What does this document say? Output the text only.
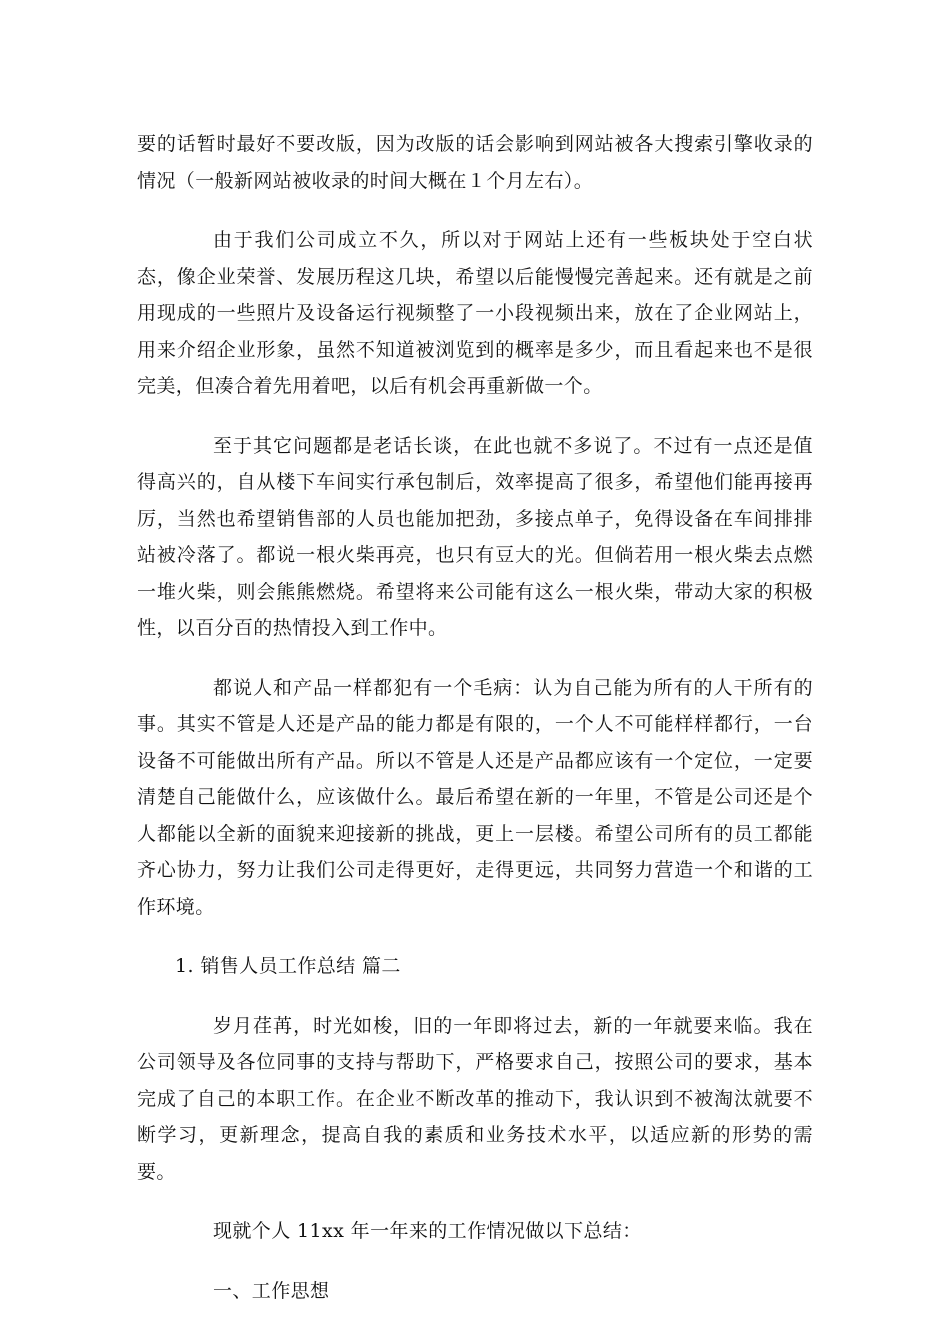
要的话暂时最好不要改版，因为改版的话会影响到网站被各大搜索引擎收录的情况（一般新网站被收录的时间大概在１个月左右）。

由于我们公司成立不久，所以对于网站上还有一些板块处于空白状态，像企业荣誉、发展历程这几块，希望以后能慢慢完善起来。还有就是之前用现成的一些照片及设备运行视频整了一小段视频出来，放在了企业网站上，用来介绍企业形象，虽然不知道被浏览到的概率是多少，而且看起来也不是很完美，但凑合着先用着吧，以后有机会再重新做一个。

至于其它问题都是老话长谈，在此也就不多说了。不过有一点还是值得高兴的，自从楼下车间实行承包制后，效率提高了很多，希望他们能再接再厉，当然也希望销售部的人员也能加把劲，多接点单子，免得设备在车间排排站被冷落了。都说一根火柴再亮，也只有豆大的光。但倘若用一根火柴去点燃一堆火柴，则会熊熊燃烧。希望将来公司能有这么一根火柴，带动大家的积极性，以百分百的热情投入到工作中。

都说人和产品一样都犯有一个毛病：认为自己能为所有的人干所有的事。其实不管是人还是产品的能力都是有限的，一个人不可能样样都行，一台设备不可能做出所有产品。所以不管是人还是产品都应该有一个定位，一定要清楚自己能做什么，应该做什么。最后希望在新的一年里，不管是公司还是个人都能以全新的面貌来迎接新的挑战，更上一层楼。希望公司所有的员工都能齐心协力，努力让我们公司走得更好，走得更远，共同努力营造一个和谐的工作环境。

1. 销售人员工作总结 篇二

岁月荏苒，时光如梭，旧的一年即将过去，新的一年就要来临。我在公司领导及各位同事的支持与帮助下，严格要求自己，按照公司的要求，基本完成了自己的本职工作。在企业不断改革的推动下，我认识到不被淘汰就要不断学习，更新理念，提高自我的素质和业务技术水平，以适应新的形势的需要。

现就个人 11xx 年一年来的工作情况做以下总结：

一、工作思想
